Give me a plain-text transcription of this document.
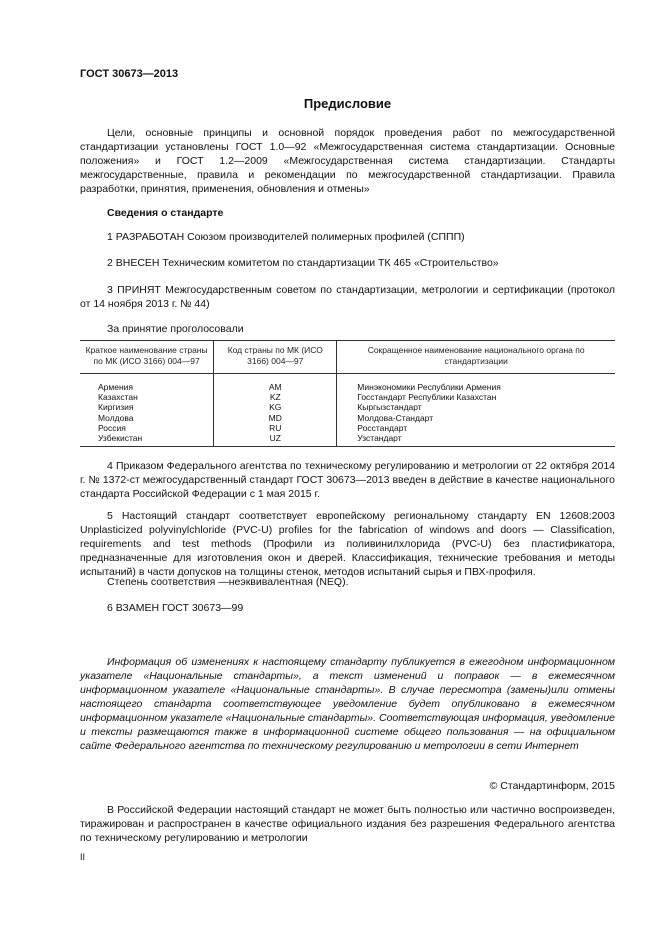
ГОСТ 30673—2013
Предисловие
Цели, основные принципы и основной порядок проведения работ по межгосударственной стандартизации установлены ГОСТ 1.0—92 «Межгосударственная система стандартизации. Основные положения» и ГОСТ 1.2—2009 «Межгосударственная система стандартизации. Стандарты межгосударственные, правила и рекомендации по межгосударственной стандартизации. Правила разработки, принятия, применения, обновления и отмены»
Сведения о стандарте
1 РАЗРАБОТАН Союзом производителей полимерных профилей (СППП)
2 ВНЕСЕН Техническим комитетом по стандартизации ТК 465 «Строительство»
3 ПРИНЯТ Межгосударственным советом по стандартизации, метрологии и сертификации (протокол от 14 ноября 2013 г. № 44)
За принятие проголосовали
Краткое наименование страны по МК (ИСО 3166) 004—97	Код страны по МК (ИСО 3166) 004—97	Сокращенное наименование национального органа по стандартизации
Армения	AM	Минэкономики Республики Армения
Казахстан	KZ	Госстандарт Республики Казахстан
Киргизия	KG	Кыргызстандарт
Молдова	MD	Молдова-Стандарт
Россия	RU	Росстандарт
Узбекистан	UZ	Узстандарт
4 Приказом Федерального агентства по техническому регулированию и метрологии от 22 октября 2014 г. № 1372-ст межгосударственный стандарт ГОСТ 30673—2013 введен в действие в качестве национального стандарта Российской Федерации с 1 мая 2015 г.
5 Настоящий стандарт соответствует европейскому региональному стандарту EN 12608:2003 Unplasticized polyvinylchloride (PVC-U) profiles for the fabrication of windows and doors — Classification, requirements and test methods (Профили из поливинилхлорида (PVC-U) без пластификатора, предназначенные для изготовления окон и дверей. Классификация, технические требования и методы испытаний) в части допусков на толщины стенок, методов испытаний сырья и ПВХ-профиля.
Степень соответствия —неэквивалентная (NEQ).
6 ВЗАМЕН ГОСТ 30673—99
Информация об изменениях к настоящему стандарту публикуется в ежегодном информационном указателе «Национальные стандарты», а текст изменений и поправок — в ежемесячном информационном указателе «Национальные стандарты». В случае пересмотра (замены)или отмены настоящего стандарта соответствующее уведомление будет опубликовано в ежемесячном информационном указателе «Национальные стандарты». Соответствующая информация, уведомление и тексты размещаются также в информационной системе общего пользования — на официальном сайте Федерального агентства по техническому регулированию и метрологии в сети Интернет
© Стандартинформ, 2015
В Российской Федерации настоящий стандарт не может быть полностью или частично воспроизведен, тиражирован и распространен в качестве официального издания без разрешения Федерального агентства по техническому регулированию и метрологии
II
